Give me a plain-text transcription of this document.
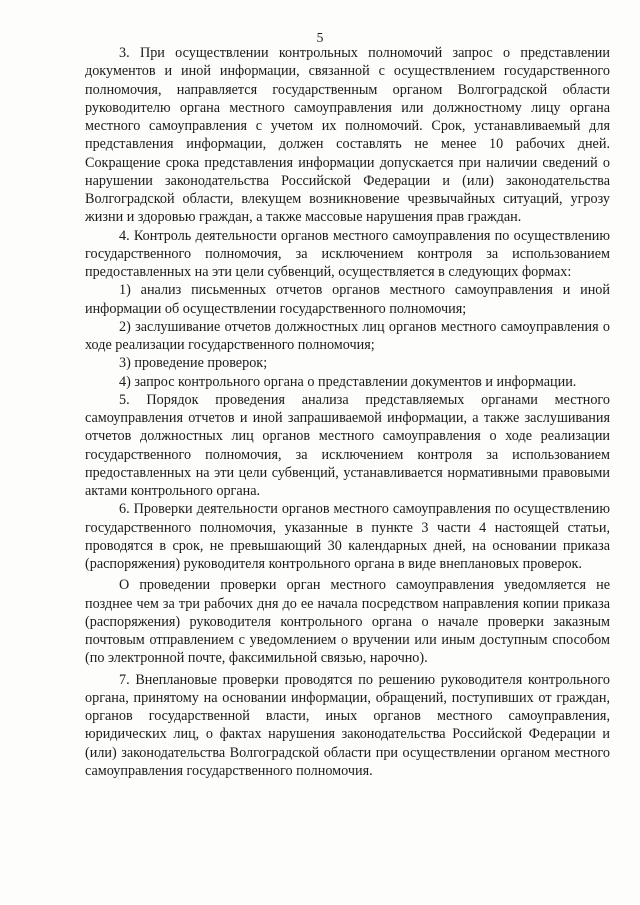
5

3. При осуществлении контрольных полномочий запрос о представлении документов и иной информации, связанной с осуществлением государственного полномочия, направляется государственным органом Волгоградской области руководителю органа местного самоуправления или должностному лицу органа местного самоуправления с учетом их полномочий. Срок, устанавливаемый для представления информации, должен составлять не менее 10 рабочих дней. Сокращение срока представления информации допускается при наличии сведений о нарушении законодательства Российской Федерации и (или) законодательства Волгоградской области, влекущем возникновение чрезвычайных ситуаций, угрозу жизни и здоровью граждан, а также массовые нарушения прав граждан.

4. Контроль деятельности органов местного самоуправления по осуществлению государственного полномочия, за исключением контроля за использованием предоставленных на эти цели субвенций, осуществляется в следующих формах:

1) анализ письменных отчетов органов местного самоуправления и иной информации об осуществлении государственного полномочия;

2) заслушивание отчетов должностных лиц органов местного самоуправления о ходе реализации государственного полномочия;

3) проведение проверок;

4) запрос контрольного органа о представлении документов и информации.

5. Порядок проведения анализа представляемых органами местного самоуправления отчетов и иной запрашиваемой информации, а также заслушивания отчетов должностных лиц органов местного самоуправления о ходе реализации государственного полномочия, за исключением контроля за использованием предоставленных на эти цели субвенций, устанавливается нормативными правовыми актами контрольного органа.

6. Проверки деятельности органов местного самоуправления по осуществлению государственного полномочия, указанные в пункте 3 части 4 настоящей статьи, проводятся в срок, не превышающий 30 календарных дней, на основании приказа (распоряжения) руководителя контрольного органа в виде внеплановых проверок.

О проведении проверки орган местного самоуправления уведомляется не позднее чем за три рабочих дня до ее начала посредством направления копии приказа (распоряжения) руководителя контрольного органа о начале проверки заказным почтовым отправлением с уведомлением о вручении или иным доступным способом (по электронной почте, факсимильной связью, нарочно).

7. Внеплановые проверки проводятся по решению руководителя контрольного органа, принятому на основании информации, обращений, поступивших от граждан, органов государственной власти, иных органов местного самоуправления, юридических лиц, о фактах нарушения законодательства Российской Федерации и (или) законодательства Волгоградской области при осуществлении органом местного самоуправления государственного полномочия.
